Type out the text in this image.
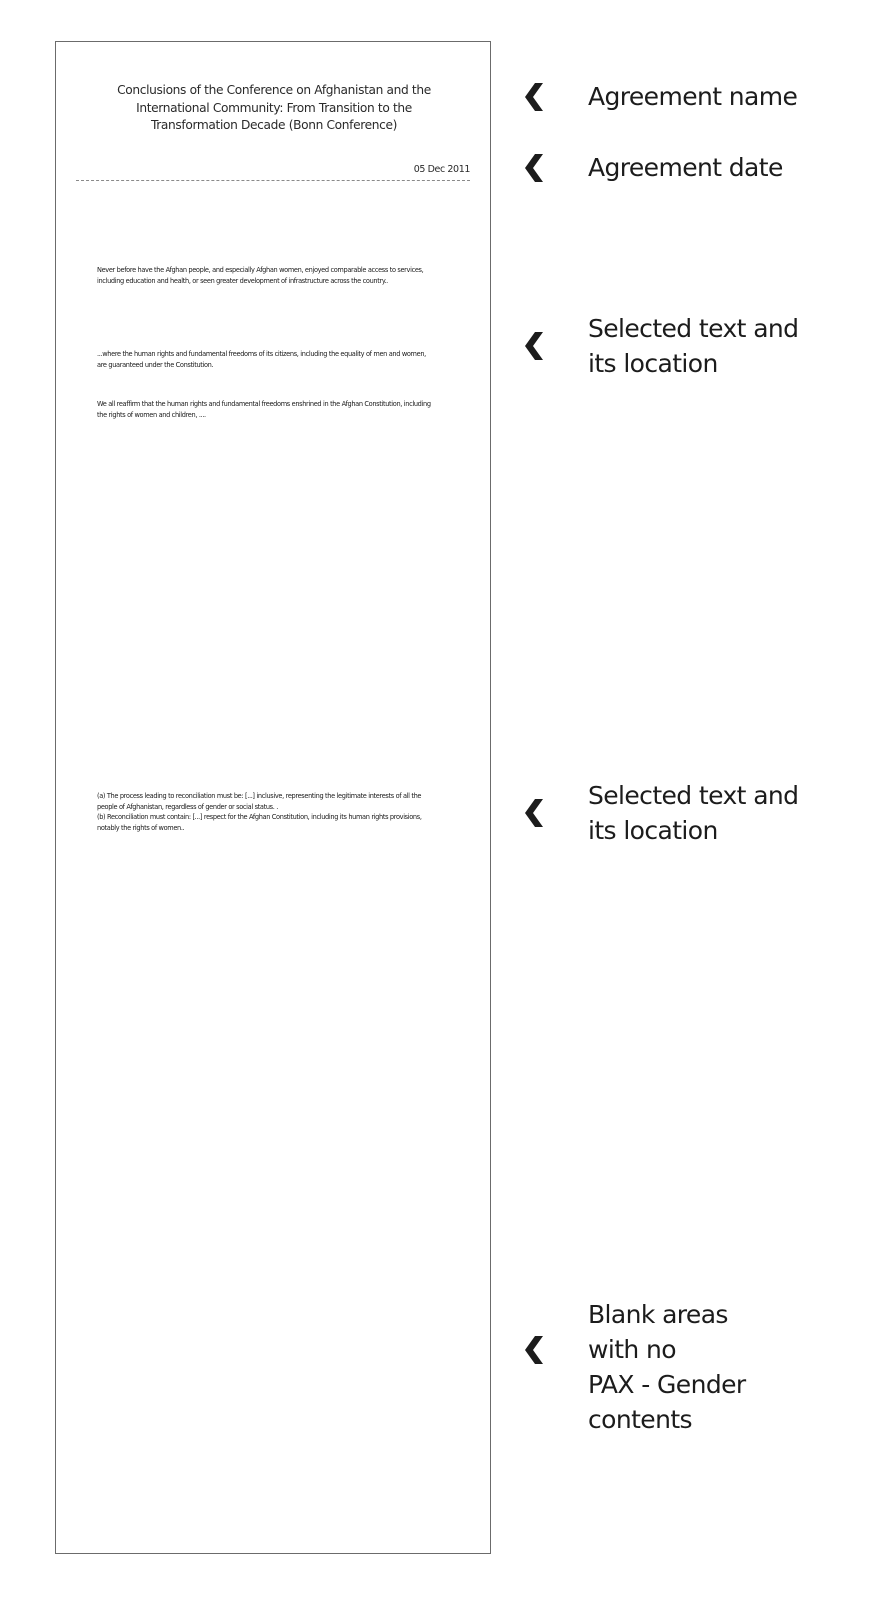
Conclusions of the Conference on Afghanistan and the
International Community: From Transition to the
Transformation Decade (Bonn Conference)
05 Dec 2011

Never before have the Afghan people, and especially Afghan women, enjoyed comparable access to services,

including education and health, or seen greater development of infrastructure across the country..

...where the human rights and fundamental freedoms of its citizens, including the equality of men and women,

are guaranteed under the Constitution.

We all reaffirm that the human rights and fundamental freedoms enshrined in the Afghan Constitution, including

the rights of women and children, ....

(a) The process leading to reconciliation must be: [...] inclusive, representing the legitimate interests of all the

people of Afghanistan, regardless of gender or social status. .

(b) Reconciliation must contain: [...] respect for the Afghan Constitution, including its human rights provisions,

notably the rights of women..

Agreement name
Agreement date
Selected text and
its location
Selected text and
its location
Blank areas
with no
PAX - Gender
contents
